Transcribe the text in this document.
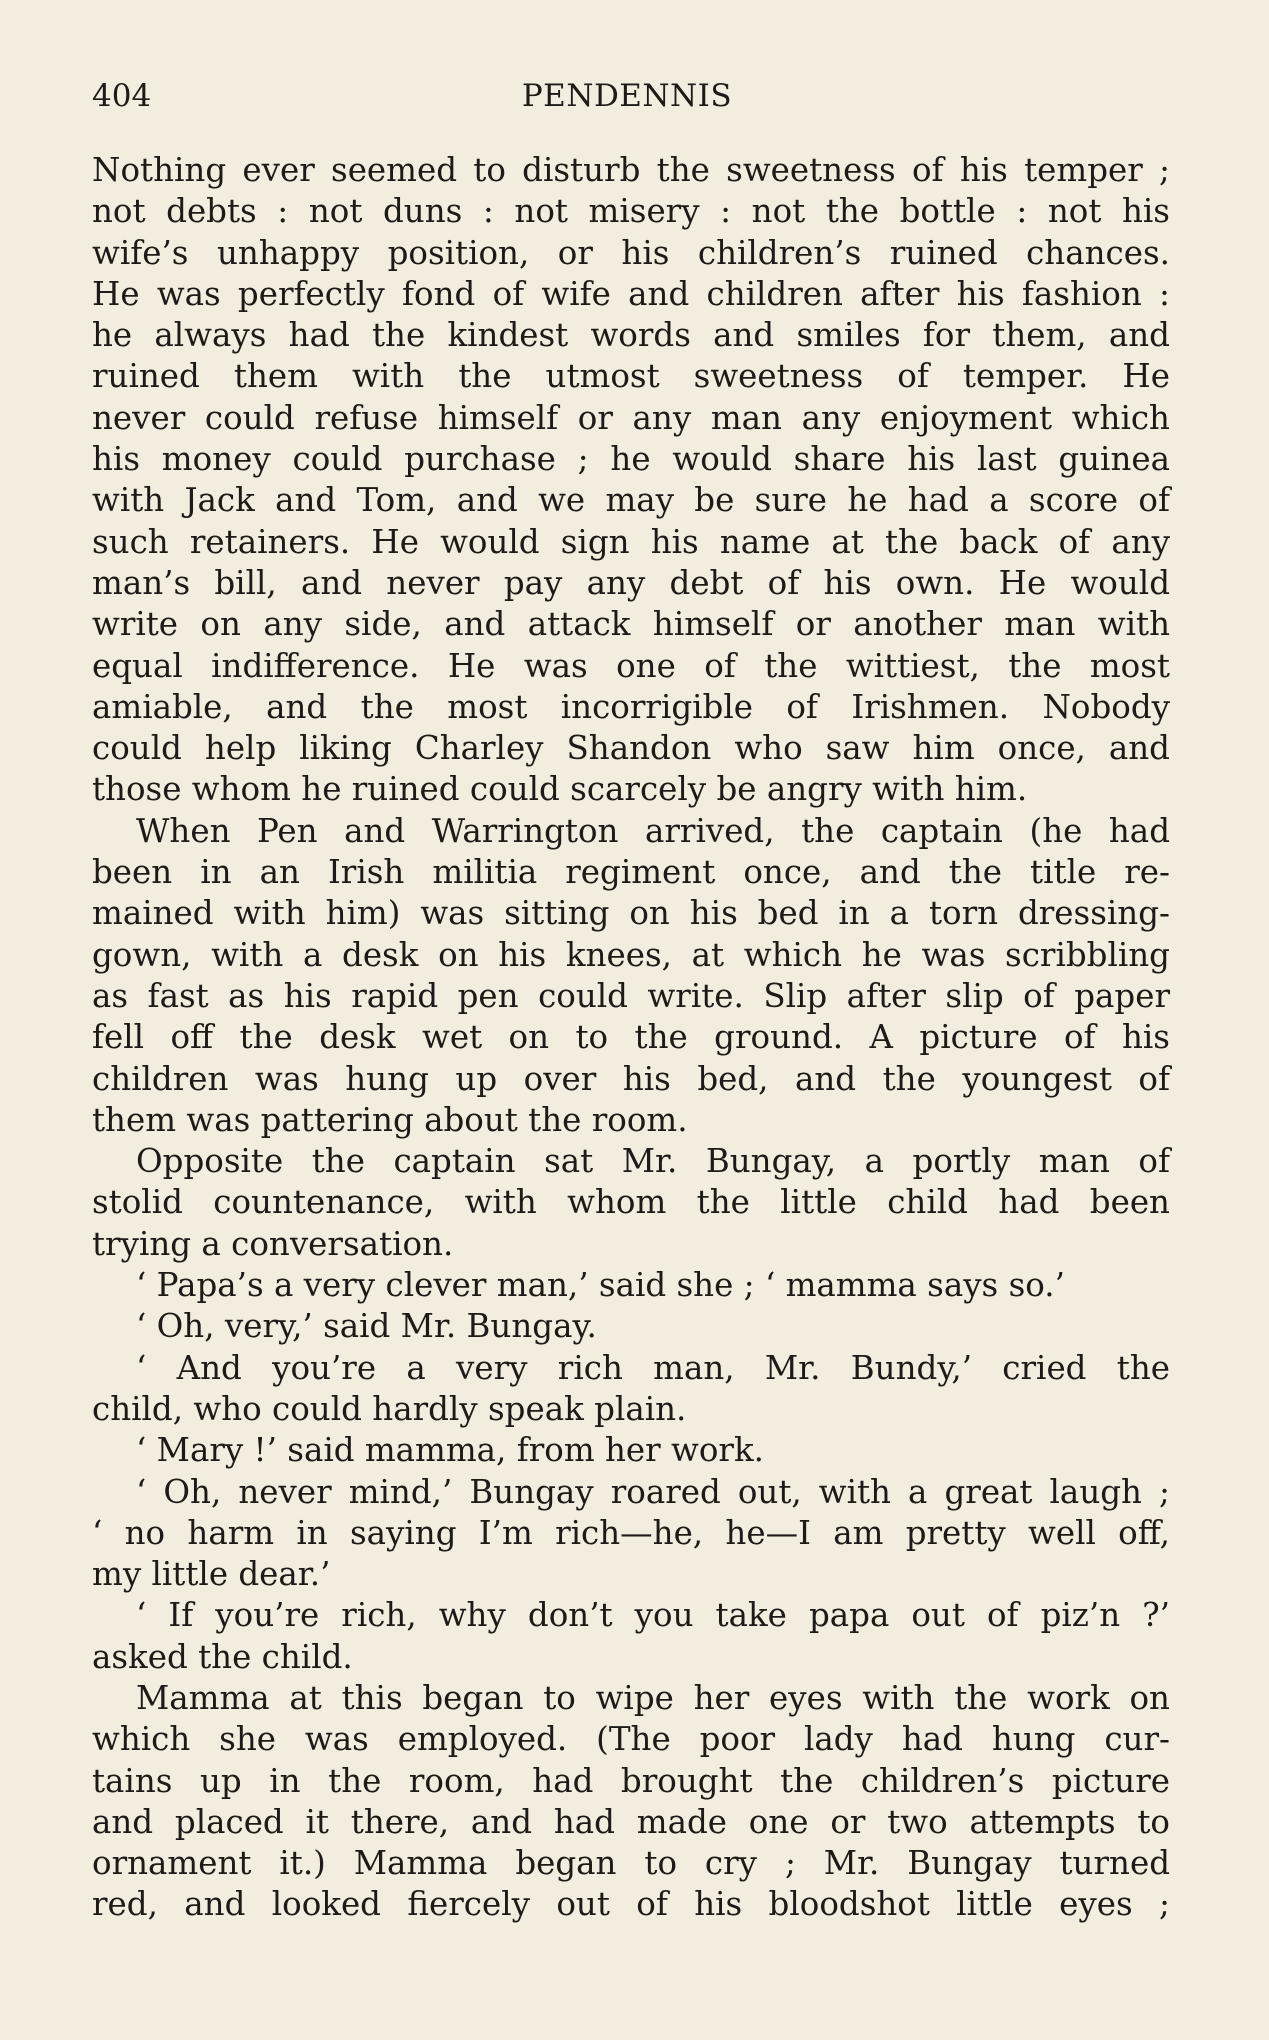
404	PENDENNIS
Nothing ever seemed to disturb the sweetness of his temper ;
not debts : not duns : not misery : not the bottle : not his
wife’s unhappy position, or his children’s ruined chances.
He was perfectly fond of wife and children after his fashion :
he always had the kindest words and smiles for them, and
ruined them with the utmost sweetness of temper. He
never could refuse himself or any man any enjoyment which
his money could purchase ; he would share his last guinea
with Jack and Tom, and we may be sure he had a score of
such retainers. He would sign his name at the back of any
man’s bill, and never pay any debt of his own. He would
write on any side, and attack himself or another man with
equal indifference. He was one of the wittiest, the most
amiable, and the most incorrigible of Irishmen. Nobody
could help liking Charley Shandon who saw him once, and
those whom he ruined could scarcely be angry with him.
When Pen and Warrington arrived, the captain (he had
been in an Irish militia regiment once, and the title re-
mained with him) was sitting on his bed in a torn dressing-
gown, with a desk on his knees, at which he was scribbling
as fast as his rapid pen could write. Slip after slip of paper
fell off the desk wet on to the ground. A picture of his
children was hung up over his bed, and the youngest of
them was pattering about the room.
Opposite the captain sat Mr. Bungay, a portly man of
stolid countenance, with whom the little child had been
trying a conversation.
‘ Papa’s a very clever man,’ said she ; ‘ mamma says so.’
‘ Oh, very,’ said Mr. Bungay.
‘ And you’re a very rich man, Mr. Bundy,’ cried the
child, who could hardly speak plain.
‘ Mary !’ said mamma, from her work.
‘ Oh, never mind,’ Bungay roared out, with a great laugh ;
‘ no harm in saying I’m rich—he, he—I am pretty well off,
my little dear.’
‘ If you’re rich, why don’t you take papa out of piz’n ?’
asked the child.
Mamma at this began to wipe her eyes with the work on
which she was employed. (The poor lady had hung cur-
tains up in the room, had brought the children’s picture
and placed it there, and had made one or two attempts to
ornament it.) Mamma began to cry ; Mr. Bungay turned
red, and looked fiercely out of his bloodshot little eyes ;
